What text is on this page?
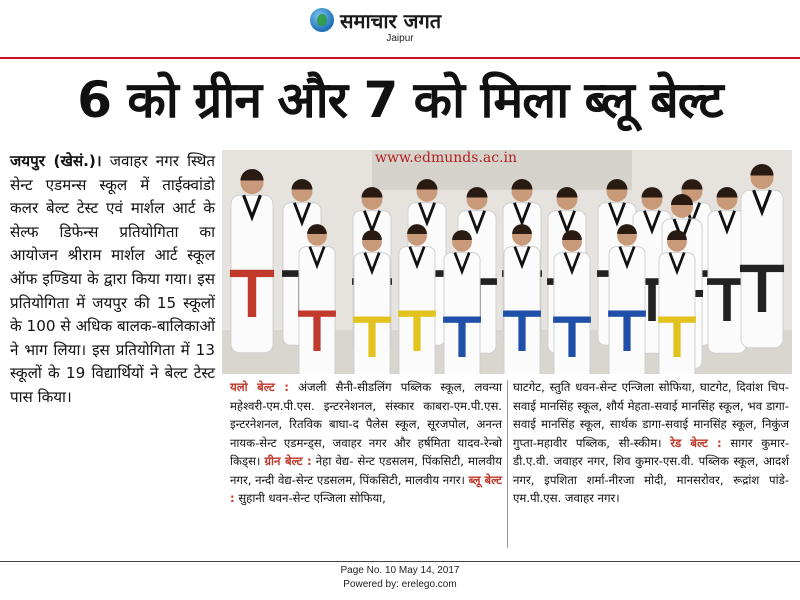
समाचार जगत
Jaipur
6 को ग्रीन और 7 को मिला ब्लू बेल्ट
जयपुर (खेसं.)। जवाहर नगर स्थित सेन्ट एडमन्स स्कूल में ताईक्वांडो कलर बेल्ट टेस्ट एवं मार्शल आर्ट के सेल्फ डिफेन्स प्रतियोगिता का आयोजन श्रीराम मार्शल आर्ट स्कूल ऑफ इण्डिया के द्वारा किया गया। इस प्रतियोगिता में जयपुर की 15 स्कूलों के 100 से अधिक बालक-बालिकाओं ने भाग लिया। इस प्रतियोगिता में 13 स्कूलों के 19 विद्यार्थियों ने बेल्ट टेस्ट पास किया।
www.edmunds.ac.in
यलो बेल्ट : अंजली सैनी-सीडलिंग पब्लिक स्कूल, लवन्या महेश्वरी-एम.पी.एस. इन्टरनेशनल, संस्कार काबरा-एम.पी.एस. इन्टरनेशनल, रितविक बाघा-द पैलेस स्कूल, सूरजपोल, अनन्त नायक-सेन्ट एडमन्ड्स, जवाहर नगर और हर्षमिता यादव-रेन्बो किड्स। ग्रीन बेल्ट : नेहा वेद्य- सेन्ट एडसलम, पिंकसिटी, मालवीय नगर, नन्दी वेद्य-सेन्ट एडसलम, पिंकसिटी, मालवीय नगर। ब्लू बेल्ट : सुहानी धवन-सेन्ट एन्जिला सोफिया,
घाटगेट, स्तुति धवन-सेन्ट एन्जिला सोफिया, घाटगेट, दिवांश चिप-सवाई मानसिंह स्कूल, शौर्य मेहता-सवाई मानसिंह स्कूल, भव डागा-सवाई मानसिंह स्कूल, सार्थक डागा-सवाई मानसिंह स्कूल, निकुंज गुप्ता-महावीर पब्लिक, सी-स्कीम। रेड बेल्ट : सागर कुमार-डी.ए.वी. जवाहर नगर, शिव कुमार-एस.वी. पब्लिक स्कूल, आदर्श नगर, इपशिता शर्मा-नीरजा मोदी, मानसरोवर, रूद्रांश पांडे-एम.पी.एस. जवाहर नगर।
Page No. 10 May 14, 2017
Powered by: erelego.com
